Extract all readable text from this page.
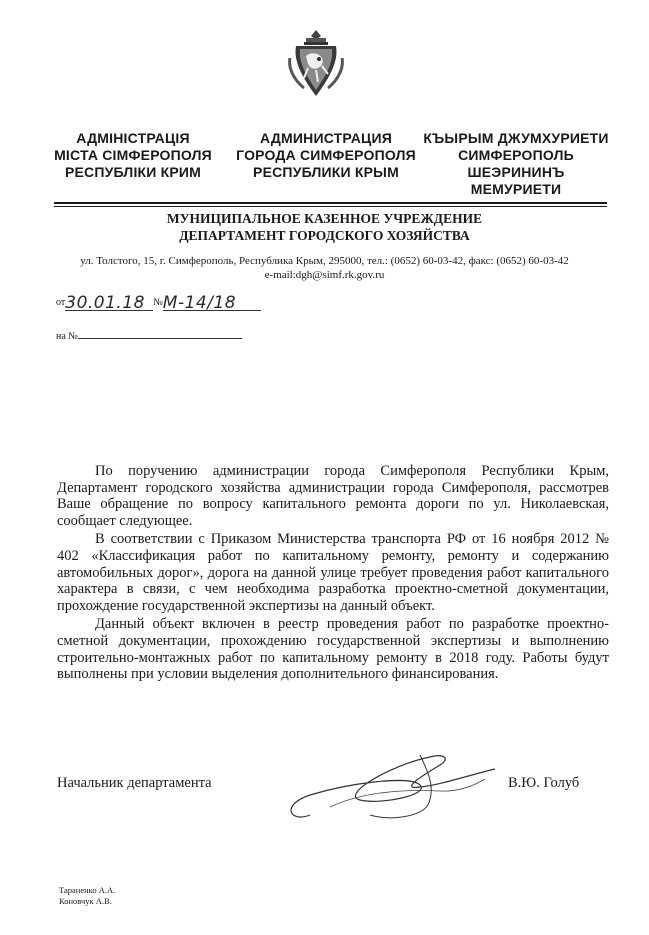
АДМІНІСТРАЦІЯ
МІСТА СІМФЕРОПОЛЯ
РЕСПУБЛІКИ КРИМ
АДМИНИСТРАЦИЯ
ГОРОДА СИМФЕРОПОЛЯ
РЕСПУБЛИКИ КРЫМ
КЪЫРЫМ ДЖУМХУРИЕТИ
СИМФЕРОПОЛЬ
ШЕЭРИНИНЪ
МЕМУРИЕТИ
МУНИЦИПАЛЬНОЕ КАЗЕННОЕ УЧРЕЖДЕНИЕ
ДЕПАРТАМЕНТ ГОРОДСКОГО ХОЗЯЙСТВА
ул. Толстого, 15, г. Симферополь, Республика Крым, 295000, тел.: (0652) 60-03-42, факс: (0652) 60-03-42
e-mail:dgh@simf.rk.gov.ru
от30.01.18 №М-14/18
на №

По поручению администрации города Симферополя Республики Крым, Департамент городского хозяйства администрации города Симферополя, рассмотрев Ваше обращение по вопросу капитального ремонта дороги по ул. Николаевская, сообщает следующее.

В соответствии с Приказом Министерства транспорта РФ от 16 ноября 2012 № 402 «Классификация работ по капитальному ремонту, ремонту и содержанию автомобильных дорог», дорога на данной улице требует проведения работ капитального характера в связи, с чем необходима разработка проектно-сметной документации, прохождение государственной экспертизы на данный объект.

Данный объект включен в реестр проведения работ по разработке проектно-сметной документации, прохождению государственной экспертизы и выполнению строительно-монтажных работ по капитальному ремонту в 2018 году. Работы будут выполнены при условии выделения дополнительного финансирования.

Начальник департамента	В.Ю. Голуб
Тараненко А.А.
Коновчук А.В.
